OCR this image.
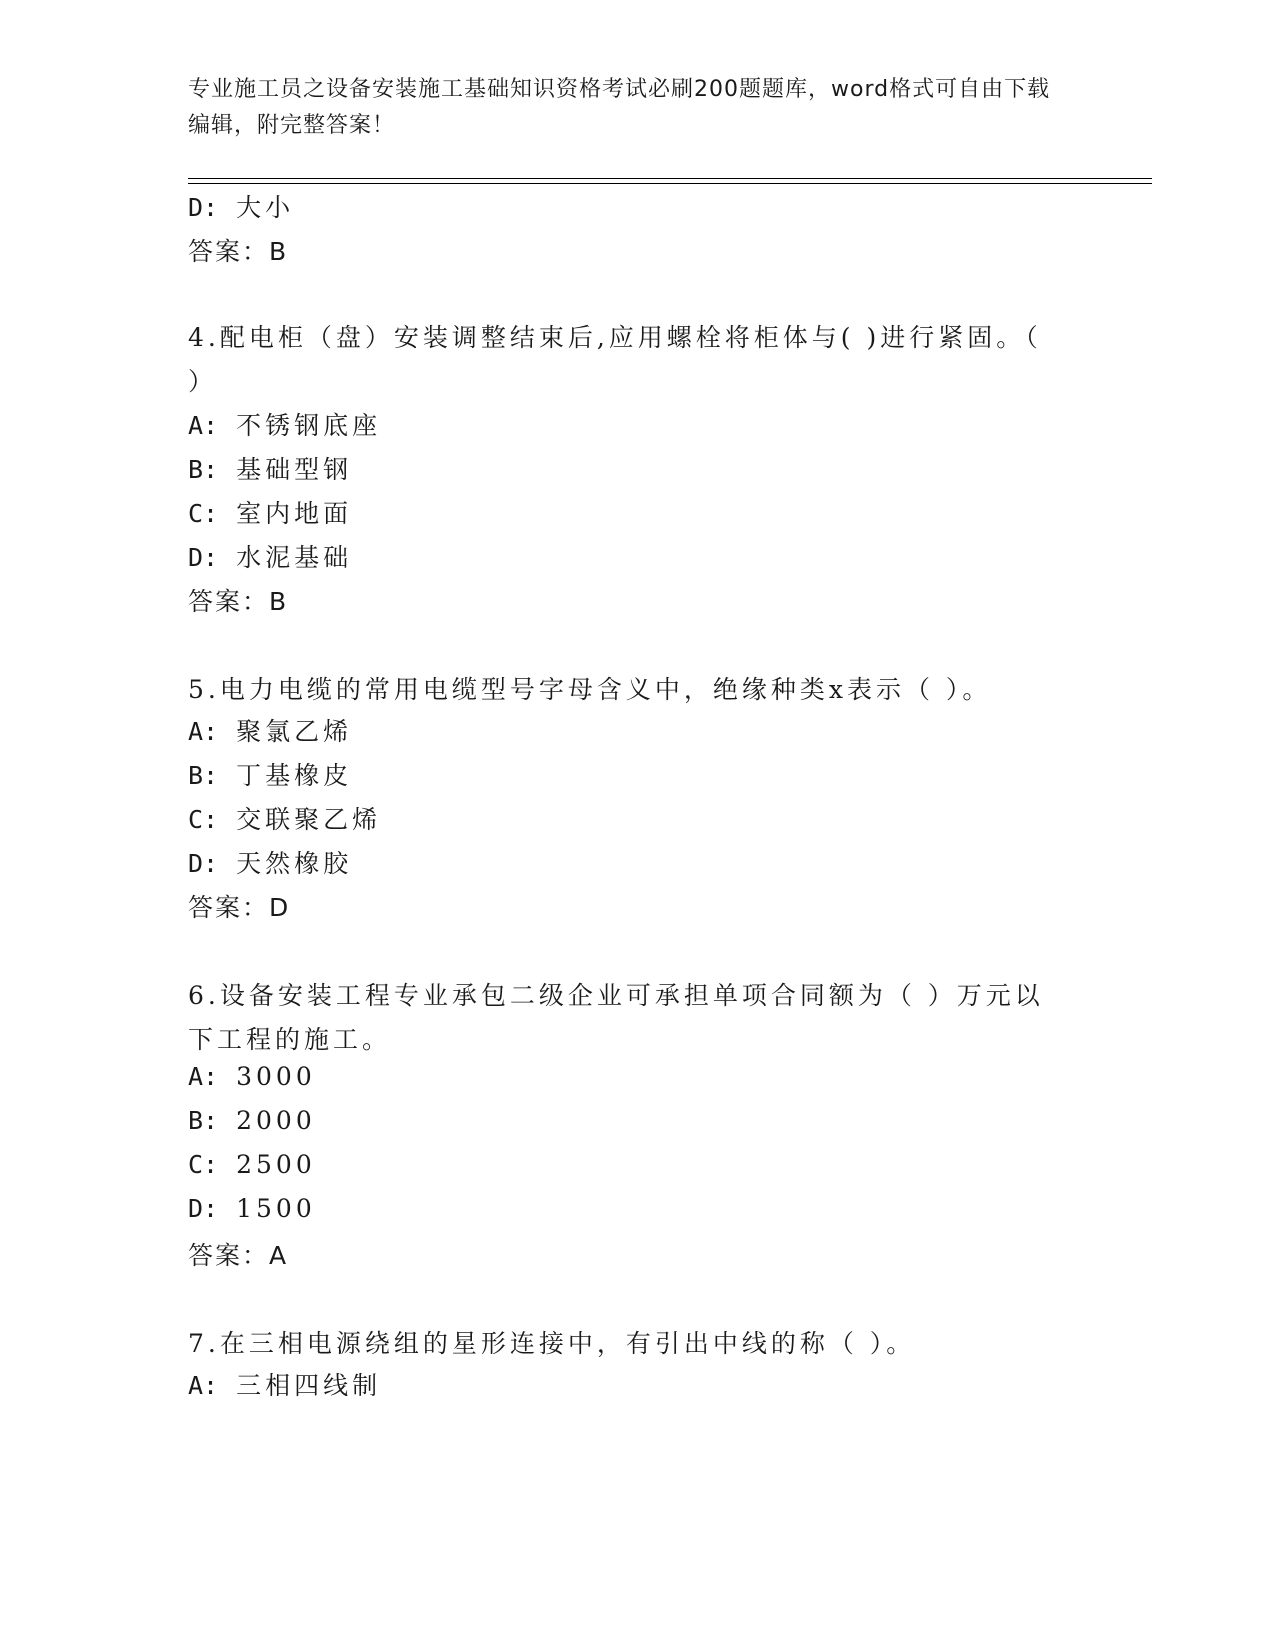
专业施工员之设备安装施工基础知识资格考试必刷200题题库，word格式可自由下载编辑，附完整答案！
D: 大小
答案：B
4.配电柜（盘）安装调整结束后,应用螺栓将柜体与( )进行紧固。（ ）
A: 不锈钢底座
B: 基础型钢
C: 室内地面
D: 水泥基础
答案：B
5.电力电缆的常用电缆型号字母含义中，绝缘种类x表示（ ）。
A: 聚氯乙烯
B: 丁基橡皮
C: 交联聚乙烯
D: 天然橡胶
答案：D
6.设备安装工程专业承包二级企业可承担单项合同额为（ ）万元以下工程的施工。
A: 3000
B: 2000
C: 2500
D: 1500
答案：A
7.在三相电源绕组的星形连接中，有引出中线的称（ ）。
A: 三相四线制
